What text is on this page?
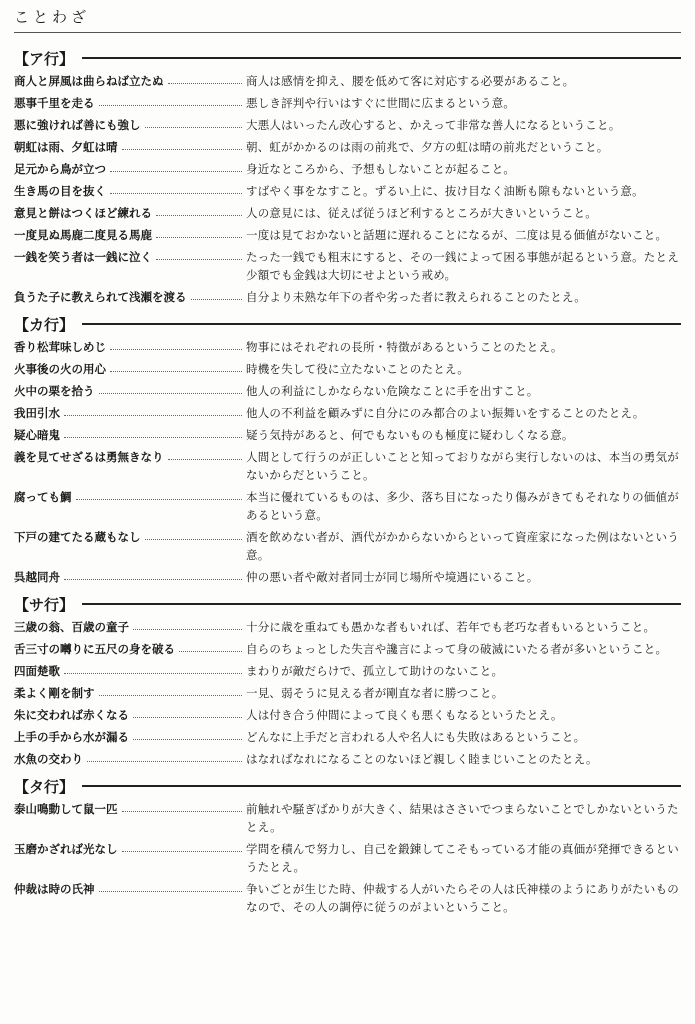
ことわざ
【ア行】
商人と屏風は曲らねば立たぬ	商人は感情を抑え、腰を低めて客に対応する必要があること。
悪事千里を走る	悪しき評判や行いはすぐに世間に広まるという意。
悪に強ければ善にも強し	大悪人はいったん改心すると、かえって非常な善人になるということ。
朝虹は雨、夕虹は晴	朝、虹がかかるのは雨の前兆で、夕方の虹は晴の前兆だということ。
足元から鳥が立つ	身近なところから、予想もしないことが起ること。
生き馬の目を抜く	すばやく事をなすこと。ずるい上に、抜け目なく油断も隙もないという意。
意見と餅はつくほど練れる	人の意見には、従えば従うほど利するところが大きいということ。
一度見ぬ馬鹿二度見る馬鹿	一度は見ておかないと話題に遅れることになるが、二度は見る価値がないこと。
一銭を笑う者は一銭に泣く	たった一銭でも粗末にすると、その一銭によって困る事態が起るという意。たとえ少額でも金銭は大切にせよという戒め。
負うた子に教えられて浅瀬を渡る	自分より未熟な年下の者や劣った者に教えられることのたとえ。
【カ行】
香り松茸味しめじ	物事にはそれぞれの長所・特徴があるということのたとえ。
火事後の火の用心	時機を失して役に立たないことのたとえ。
火中の栗を拾う	他人の利益にしかならない危険なことに手を出すこと。
我田引水	他人の不利益を顧みずに自分にのみ都合のよい振舞いをすることのたとえ。
疑心暗鬼	疑う気持があると、何でもないものも極度に疑わしくなる意。
義を見てせざるは勇無きなり	人間として行うのが正しいことと知っておりながら実行しないのは、本当の勇気がないからだということ。
腐っても鯛	本当に優れているものは、多少、落ち目になったり傷みがきてもそれなりの価値があるという意。
下戸の建てたる蔵もなし	酒を飲めない者が、酒代がかからないからといって資産家になった例はないという意。
呉越同舟	仲の悪い者や敵対者同士が同じ場所や境遇にいること。
【サ行】
三歳の翁、百歳の童子	十分に歳を重ねても愚かな者もいれば、若年でも老巧な者もいるということ。
舌三寸の囀りに五尺の身を破る	自らのちょっとした失言や讒言によって身の破滅にいたる者が多いということ。
四面楚歌	まわりが敵だらけで、孤立して助けのないこと。
柔よく剛を制す	一見、弱そうに見える者が剛直な者に勝つこと。
朱に交われば赤くなる	人は付き合う仲間によって良くも悪くもなるというたとえ。
上手の手から水が漏る	どんなに上手だと言われる人や名人にも失敗はあるということ。
水魚の交わり	はなればなれになることのないほど親しく睦まじいことのたとえ。
【タ行】
泰山鳴動して鼠一匹	前触れや騒ぎばかりが大きく、結果はささいでつまらないことでしかないというたとえ。
玉磨かざれば光なし	学問を積んで努力し、自己を鍛錬してこそもっている才能の真価が発揮できるというたとえ。
仲裁は時の氏神	争いごとが生じた時、仲裁する人がいたらその人は氏神様のようにありがたいものなので、その人の調停に従うのがよいということ。
